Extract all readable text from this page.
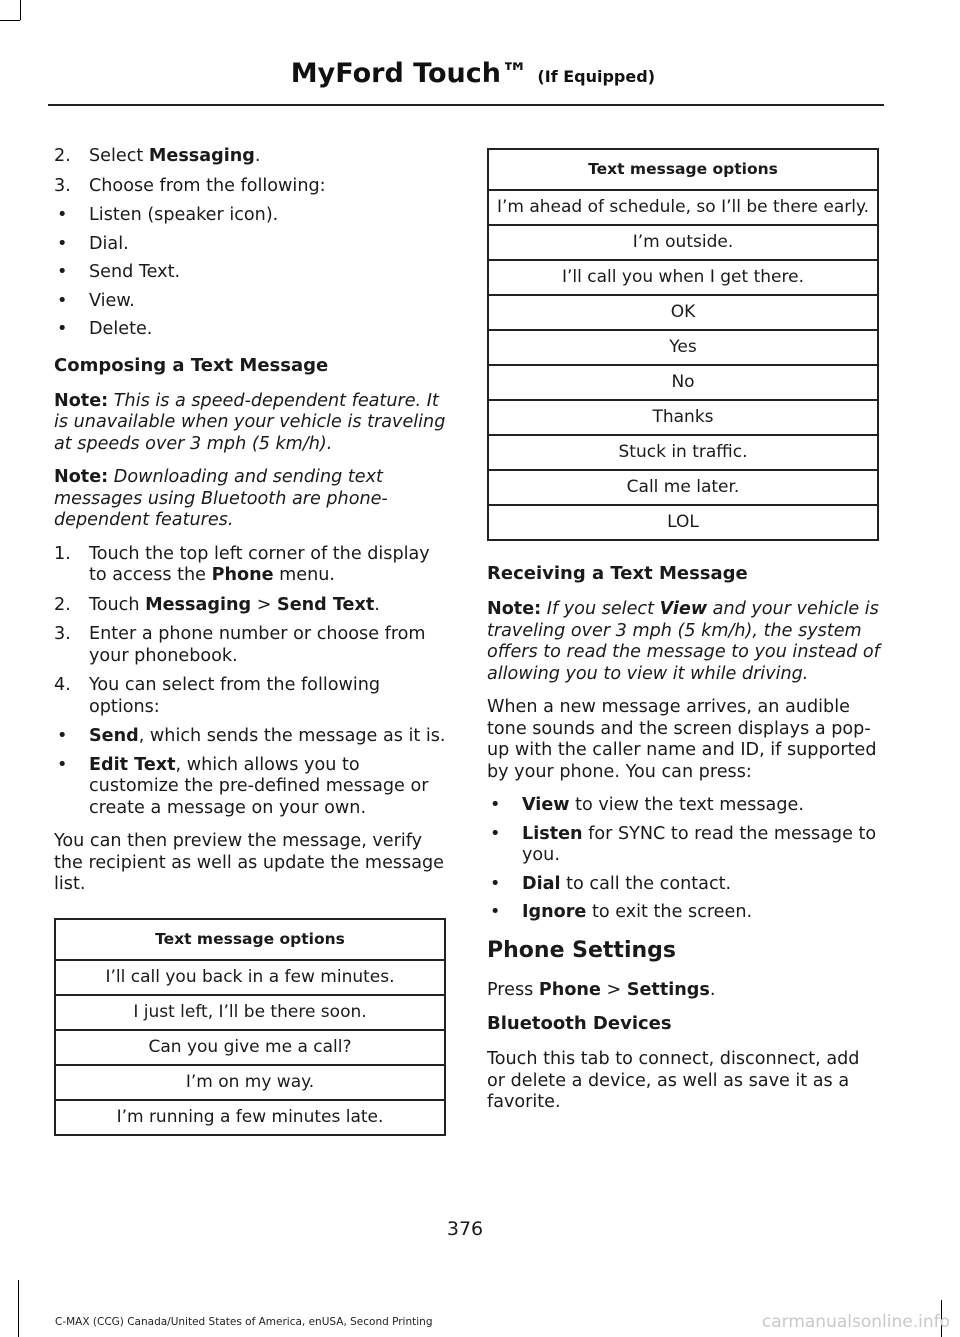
MyFord Touch™ (If Equipped)
2. Select Messaging.
3. Choose from the following:
• Listen (speaker icon).
• Dial.
• Send Text.
• View.
• Delete.
Composing a Text Message

Note: This is a speed-dependent feature. It is unavailable when your vehicle is traveling at speeds over 3 mph (5 km/h).

Note: Downloading and sending text messages using Bluetooth are phone-dependent features.

1. Touch the top left corner of the display to access the Phone menu.
2. Touch Messaging > Send Text.
3. Enter a phone number or choose from your phonebook.
4. You can select from the following options:
• Send, which sends the message as it is.
• Edit Text, which allows you to customize the pre-defined message or create a message on your own.

You can then preview the message, verify the recipient as well as update the message list.

Text message options
I’ll call you back in a few minutes.
I just left, I’ll be there soon.
Can you give me a call?
I’m on my way.
I’m running a few minutes late.
Text message options
I’m ahead of schedule, so I’ll be there early.
I’m outside.
I’ll call you when I get there.
OK
Yes
No
Thanks
Stuck in traffic.
Call me later.
LOL
Receiving a Text Message

Note: If you select View and your vehicle is traveling over 3 mph (5 km/h), the system offers to read the message to you instead of allowing you to view it while driving.

When a new message arrives, an audible tone sounds and the screen displays a pop-up with the caller name and ID, if supported by your phone. You can press:

• View to view the text message.
• Listen for SYNC to read the message to you.
• Dial to call the contact.
• Ignore to exit the screen.
Phone Settings

Press Phone > Settings.

Bluetooth Devices

Touch this tab to connect, disconnect, add or delete a device, as well as save it as a favorite.

376
C-MAX (CCG) Canada/United States of America, enUSA, Second Printing	carmanualsonline.info
